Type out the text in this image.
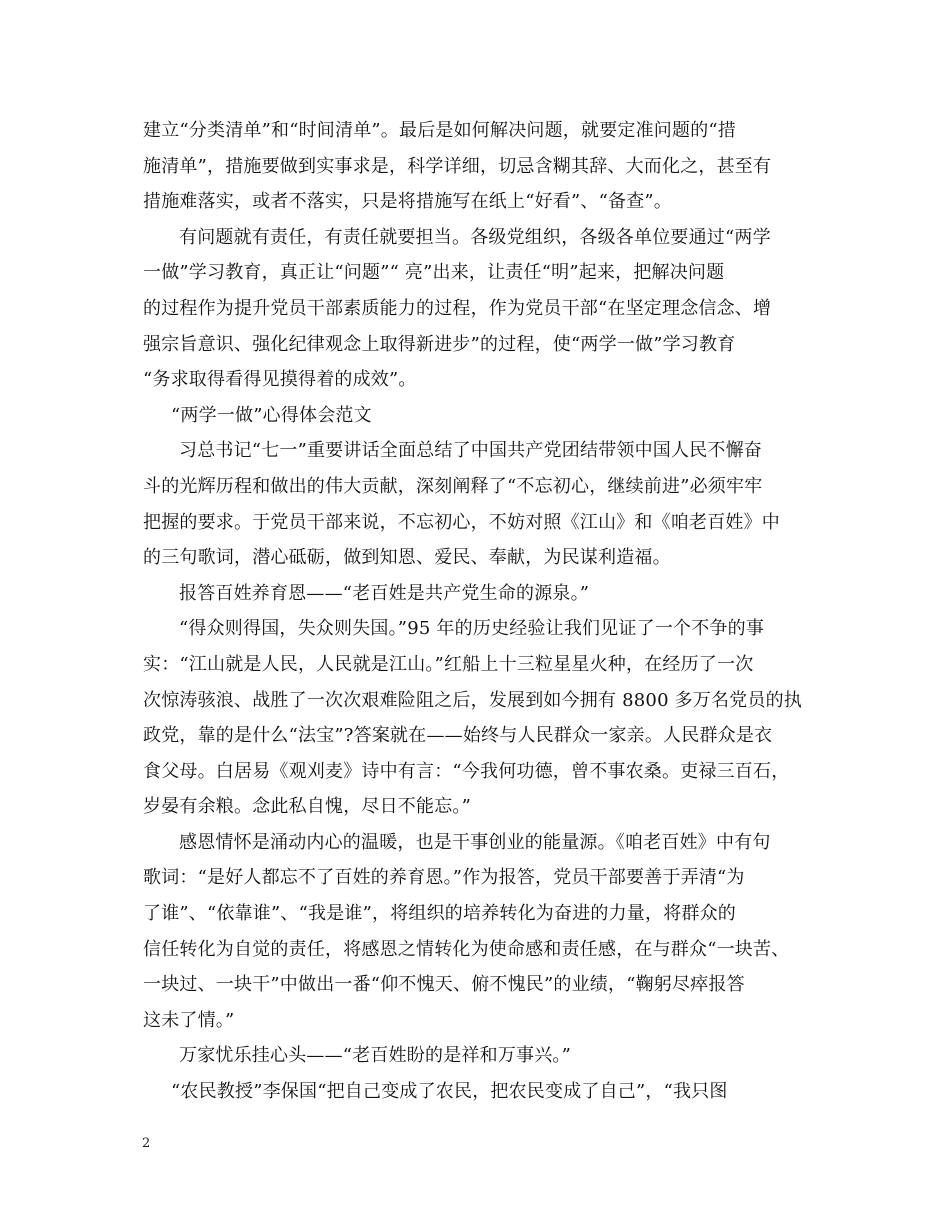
建立“分类清单”和“时间清单”。最后是如何解决问题，就要定准问题的“措
施清单”，措施要做到实事求是，科学详细，切忌含糊其辞、大而化之，甚至有
措施难落实，或者不落实，只是将措施写在纸上“好看”、“备查”。
有问题就有责任，有责任就要担当。各级党组织，各级各单位要通过“两学
一做”学习教育，真正让“问题”“ 亮”出来，让责任“明”起来，把解决问题
的过程作为提升党员干部素质能力的过程，作为党员干部“在坚定理念信念、增
强宗旨意识、强化纪律观念上取得新进步”的过程，使“两学一做”学习教育
“务求取得看得见摸得着的成效”。
“两学一做”心得体会范文
习总书记“七一”重要讲话全面总结了中国共产党团结带领中国人民不懈奋
斗的光辉历程和做出的伟大贡献，深刻阐释了“不忘初心，继续前进”必须牢牢
把握的要求。于党员干部来说，不忘初心，不妨对照《江山》和《咱老百姓》中
的三句歌词，潜心砥砺，做到知恩、爱民、奉献，为民谋利造福。
报答百姓养育恩——“老百姓是共产党生命的源泉。”
“得众则得国，失众则失国。”95 年的历史经验让我们见证了一个不争的事
实：“江山就是人民，人民就是江山。”红船上十三粒星星火种，在经历了一次
次惊涛骇浪、战胜了一次次艰难险阻之后，发展到如今拥有 8800 多万名党员的执
政党，靠的是什么“法宝”?答案就在——始终与人民群众一家亲。人民群众是衣
食父母。白居易《观刈麦》诗中有言：“今我何功德，曾不事农桑。吏禄三百石，
岁晏有余粮。念此私自愧，尽日不能忘。”
感恩情怀是涌动内心的温暖，也是干事创业的能量源。《咱老百姓》中有句
歌词：“是好人都忘不了百姓的养育恩。”作为报答，党员干部要善于弄清“为
了谁”、“依靠谁”、“我是谁”，将组织的培养转化为奋进的力量，将群众的
信任转化为自觉的责任，将感恩之情转化为使命感和责任感，在与群众“一块苦、
一块过、一块干”中做出一番“仰不愧天、俯不愧民”的业绩，“鞠躬尽瘁报答
这未了情。”
万家忧乐挂心头——“老百姓盼的是祥和万事兴。”
“农民教授”李保国“把自己变成了农民，把农民变成了自己”，“我只图
2
